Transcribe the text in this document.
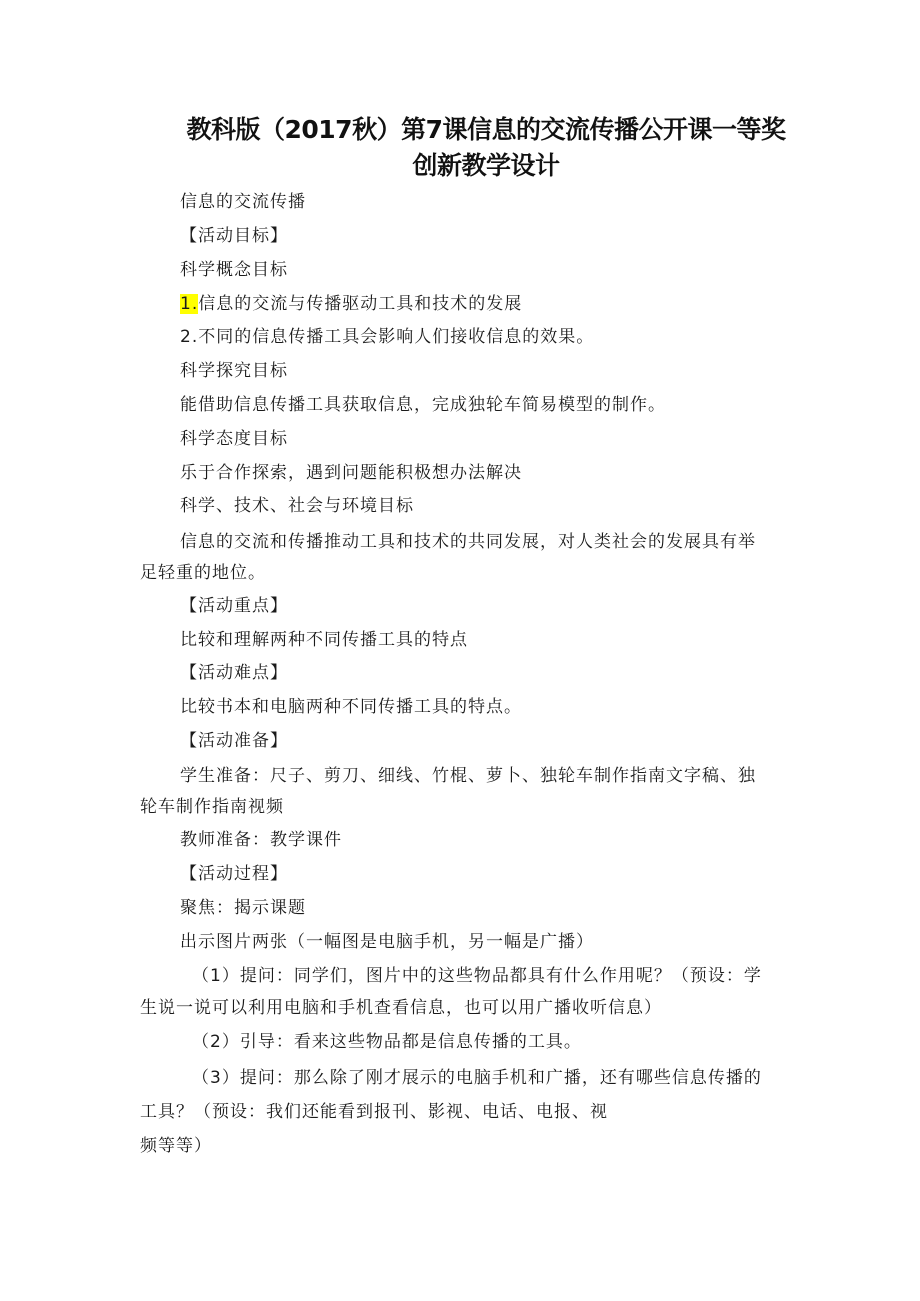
教科版（2017秋）第7课信息的交流传播公开课一等奖
创新教学设计
信息的交流传播
【活动目标】
科学概念目标
1.信息的交流与传播驱动工具和技术的发展
2.不同的信息传播工具会影响人们接收信息的效果。
科学探究目标
能借助信息传播工具获取信息，完成独轮车简易模型的制作。
科学态度目标
乐于合作探索，遇到问题能积极想办法解决
科学、技术、社会与环境目标
信息的交流和传播推动工具和技术的共同发展，对人类社会的发展具有举
足轻重的地位。
【活动重点】
比较和理解两种不同传播工具的特点
【活动难点】
比较书本和电脑两种不同传播工具的特点。
【活动准备】
学生准备：尺子、剪刀、细线、竹棍、萝卜、独轮车制作指南文字稿、独
轮车制作指南视频
教师准备：教学课件
【活动过程】
聚焦：揭示课题
出示图片两张（一幅图是电脑手机，另一幅是广播）
（1）提问：同学们，图片中的这些物品都具有什么作用呢？（预设：学
生说一说可以利用电脑和手机查看信息，也可以用广播收听信息）
（2）引导：看来这些物品都是信息传播的工具。
（3）提问：那么除了刚才展示的电脑手机和广播，还有哪些信息传播的
工具？（预设：我们还能看到报刊、影视、电话、电报、视
频等等）
